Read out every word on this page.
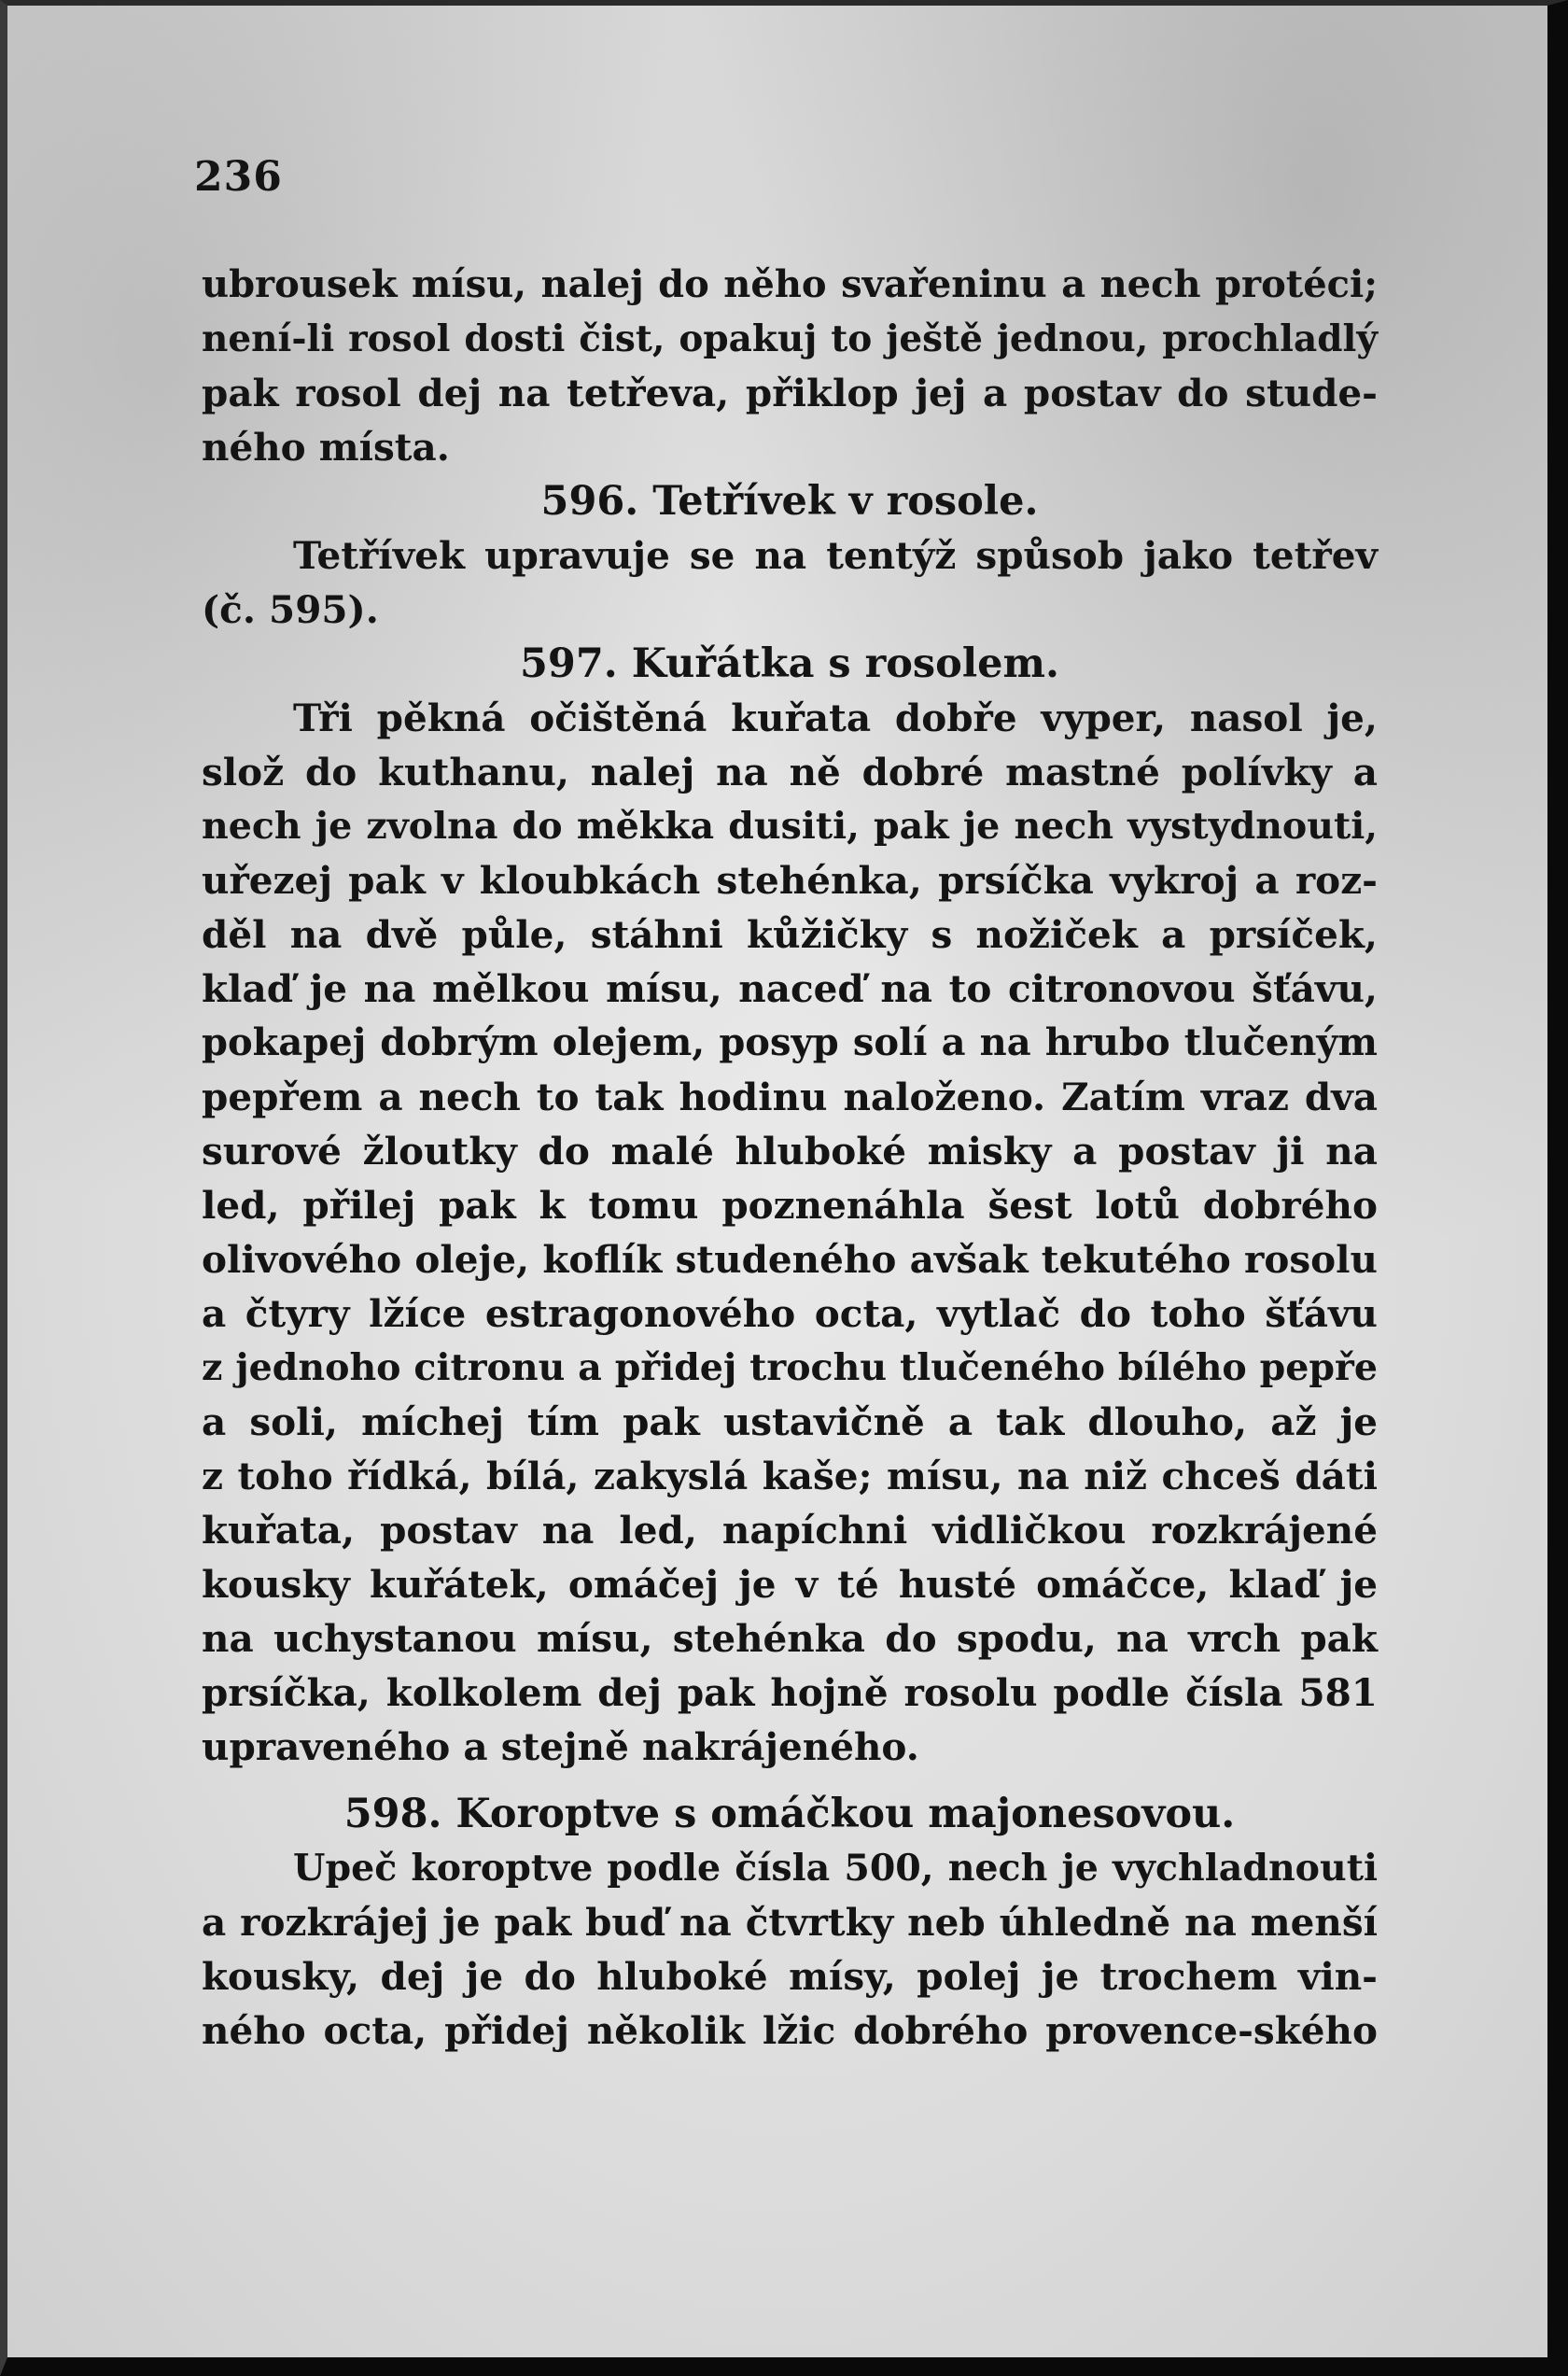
236
ubrousek mísu, nalej do něho svařeninu a nech protéci;
není-li rosol dosti čist, opakuj to ještě jednou, prochladlý
pak rosol dej na tetřeva, přiklop jej a postav do stude-
ného místa.
596. Tetřívek v rosole.
Tetřívek upravuje se na tentýž spůsob jako tetřev
(č. 595).
597. Kuřátka s rosolem.
Tři pěkná očištěná kuřata dobře vyper, nasol je,
slož do kuthanu, nalej na ně dobré mastné polívky a
nech je zvolna do měkka dusiti, pak je nech vystydnouti,
uřezej pak v kloubkách stehénka, prsíčka vykroj a roz-
děl na dvě půle, stáhni kůžičky s nožiček a prsíček,
klaď je na mělkou mísu, naceď na to citronovou šťávu,
pokapej dobrým olejem, posyp solí a na hrubo tlučeným
pepřem a nech to tak hodinu naloženo. Zatím vraz dva
surové žloutky do malé hluboké misky a postav ji na
led, přilej pak k tomu poznenáhla šest lotů dobrého
olivového oleje, koflík studeného avšak tekutého rosolu
a čtyry lžíce estragonového octa, vytlač do toho šťávu
z jednoho citronu a přidej trochu tlučeného bílého pepře
a soli, míchej tím pak ustavičně a tak dlouho, až je
z toho řídká, bílá, zakyslá kaše; mísu, na niž chceš dáti
kuřata, postav na led, napíchni vidličkou rozkrájené
kousky kuřátek, omáčej je v té husté omáčce, klaď je
na uchystanou mísu, stehénka do spodu, na vrch pak
prsíčka, kolkolem dej pak hojně rosolu podle čísla 581
upraveného a stejně nakrájeného.
598. Koroptve s omáčkou majonesovou.
Upeč koroptve podle čísla 500, nech je vychladnouti
a rozkrájej je pak buď na čtvrtky neb úhledně na menší
kousky, dej je do hluboké mísy, polej je trochem vin-
ného octa, přidej několik lžic dobrého provence-ského
